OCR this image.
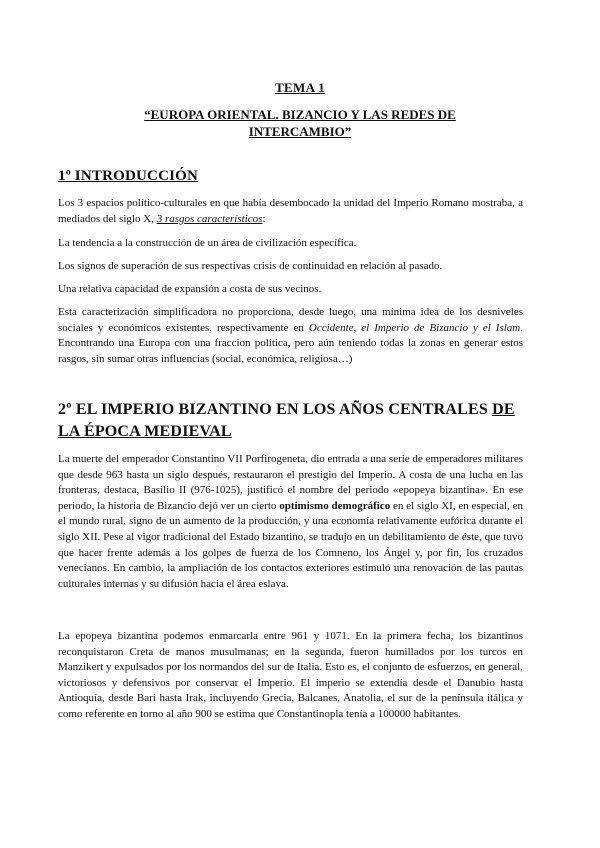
TEMA 1
“EUROPA ORIENTAL. BIZANCIO Y LAS REDES DE INTERCAMBIO”
1º INTRODUCCIÓN

Los 3 espacios político-culturales en que había desembocado la unidad del Imperio Romano mostraba, a mediados del siglo X, 3 rasgos característicos:

La tendencia a la construcción de un área de civilización específica.

Los signos de superación de sus respectivas crisis de continuidad en relación al pasado.

Una relativa capacidad de expansión a costa de sus vecinos.

Esta caracterización simplificadora no proporciona, desde luego, una mínima idea de los desniveles sociales y económicos existentes, respectivamente en Occidente, el Imperio de Bizancio y el Islam. Encontrando una Europa con una fraccion política, pero aún teniendo todas la zonas en generar estos rasgos, sin sumar otras influencias (social, económica, religiosa…)

2º EL IMPERIO BIZANTINO EN LOS AÑOS CENTRALES DE LA ÉPOCA MEDIEVAL

La muerte del emperador Constantino VII Porfirogeneta, dio entrada a una serie de emperadores militares que desde 963 hasta un siglo después, restauraron el prestigio del Imperio. A costa de una lucha en las fronteras, destaca, Basilio II (976-1025), justificó el nombre del periodo «epopeya bizantina». En ese periodo, la historia de Bizancio dejó ver un cierto optimismo demográfico en el siglo XI, en especial, en el mundo rural, signo de un aumento de la producción, y una economía relativamente eufórica durante el siglo XII. Pese al vigor tradicional del Estado bizantino, se tradujo en un debilitamiento de éste, que tuvo que hacer frente además a los golpes de fuerza de los Comneno, los Ángel y, por fin, los cruzados venecianos. En cambio, la ampliación de los contactos exteriores estimuló una renovación de las pautas culturales internas y su difusión hacia el área eslava.

La epopeya bizantina podemos enmarcarla entre 961 y 1071. En la primera fecha, los bizantinos reconquistaron Creta de manos musulmanas; en la segunda, fueron humillados por los turcos en Manzikert y expulsados por los normandos del sur de Italia. Esto es, el conjunto de esfuerzos, en general, victoriosos y defensivos por conservar el Imperio. El imperio se extendía desde el Danubio hasta Antioquía, desde Bari hasta Irak, incluyendo Grecia, Balcanes, Anatolia, el sur de la península itálica y como referente en torno al año 900 se estima que Constantinopla tenía a 100000 habitantes.
